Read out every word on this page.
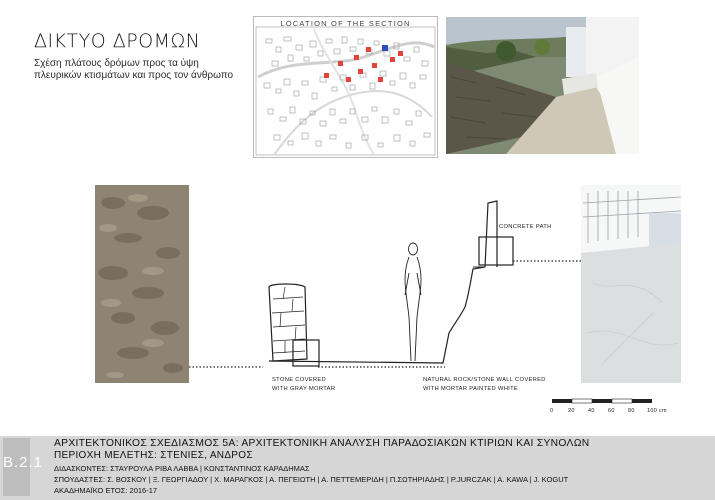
ΔΙΚΤΥΟ ΔΡΟΜΩΝ
Σχέση πλάτους δρόμων προς τα ύψη
πλευρικών κτισμάτων και προς τον άνθρωπο
LOCATION OF THE SECTION
STONE COVERED
WITH GRAY MORTAR
NATURAL ROCK/STONE WALL COVERED
WITH MORTAR PAINTED WHITE
CONCRETE PATH
0	20 40 60 80 100 cm
Β.2.1
ΑΡΧΙΤΕΚΤΟΝΙΚΟΣ ΣΧΕΔΙΑΣΜΟΣ 5Α: ΑΡΧΙΤΕΚΤΟΝΙΚΗ ΑΝΑΛΥΣΗ ΠΑΡΑΔΟΣΙΑΚΩΝ ΚΤΙΡΙΩΝ ΚΑΙ ΣΥΝΟΛΩΝ
ΠΕΡΙΟΧΗ ΜΕΛΕΤΗΣ: ΣΤΕΝΙΕΣ, ΑΝΔΡΟΣ
ΔΙΔΑΣΚΟΝΤΕΣ: ΣΤΑΥΡΟΥΛΑ ΡΙΒΑ ΛΑΒΒΑ | ΚΩΝΣΤΑΝΤΙΝΟΣ ΚΑΡΑΔΗΜΑΣ
ΣΠΟΥΔΑΣΤΕΣ: Σ. ΒΟΣΚΟΥ | Ξ. ΓΕΩΡΓΙΑΔΟΥ | Χ. ΜΑΡΑΓΚΟΣ | Α. ΠΕΓΕΙΩΤΗ | Α. ΠΕΤΤΕΜΕΡΙΔΗ | Π.ΣΩΤΗΡΙΑΔΗΣ | P.JURCZAK | A. KAWA | J. KOGUT
ΑΚΑΔΗΜΑΪΚΟ ΕΤΟΣ: 2016-17
